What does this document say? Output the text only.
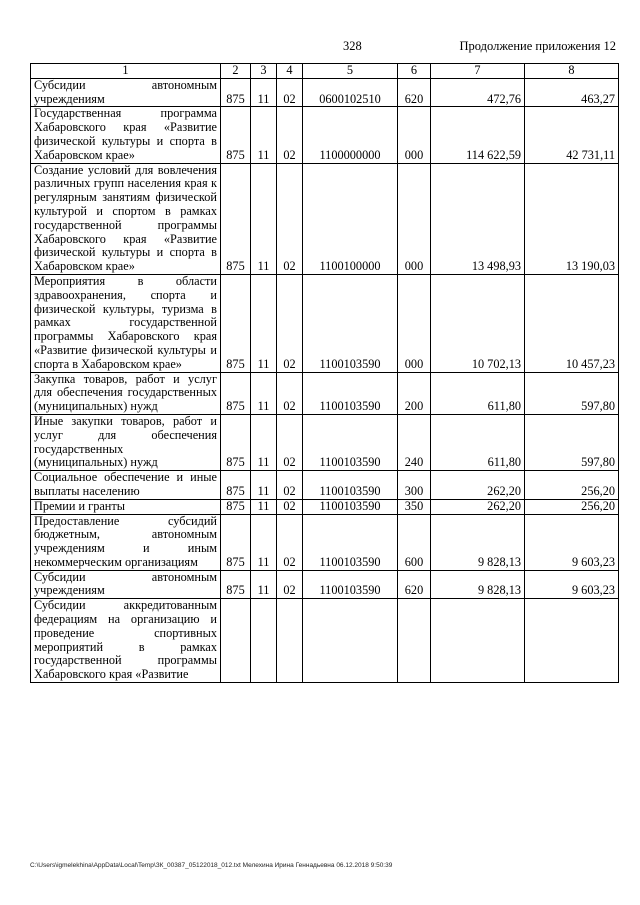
328	Продолжение приложения 12
1	2	3	4	5	6	7	8
Субсидии автономным учреждениям	875	11	02	0600102510	620	472,76	463,27
Государственная программа Хабаровского края «Развитие физической культуры и спорта в Хабаровском крае»	875	11	02	1100000000	000	114 622,59	42 731,11
Создание условий для вовлечения различных групп населения края к регулярным занятиям физической культурой и спортом в рамках государственной программы Хабаровского края «Развитие физической культуры и спорта в Хабаровском крае»	875	11	02	1100100000	000	13 498,93	13 190,03
Мероприятия в области здравоохранения, спорта и физической культуры, туризма в рамках государственной программы Хабаровского края «Развитие физической культуры и спорта в Хабаровском крае»	875	11	02	1100103590	000	10 702,13	10 457,23
Закупка товаров, работ и услуг для обеспечения государственных (муниципальных) нужд	875	11	02	1100103590	200	611,80	597,80
Иные закупки товаров, работ и услуг для обеспечения государственных (муниципальных) нужд	875	11	02	1100103590	240	611,80	597,80
Социальное обеспечение и иные выплаты населению	875	11	02	1100103590	300	262,20	256,20
Премии и гранты	875	11	02	1100103590	350	262,20	256,20
Предоставление субсидий бюджетным, автономным учреждениям и иным некоммерческим организациям	875	11	02	1100103590	600	9 828,13	9 603,23
Субсидии автономным учреждениям	875	11	02	1100103590	620	9 828,13	9 603,23
Субсидии аккредитованным федерациям на организацию и проведение спортивных мероприятий в рамках государственной программы Хабаровского края «Развитие							
C:\Users\igmelekhina\AppData\Local\Temp\ЗК_00387_05122018_012.txt Мелехина Ирина Геннадьевна 06.12.2018 9:50:39
